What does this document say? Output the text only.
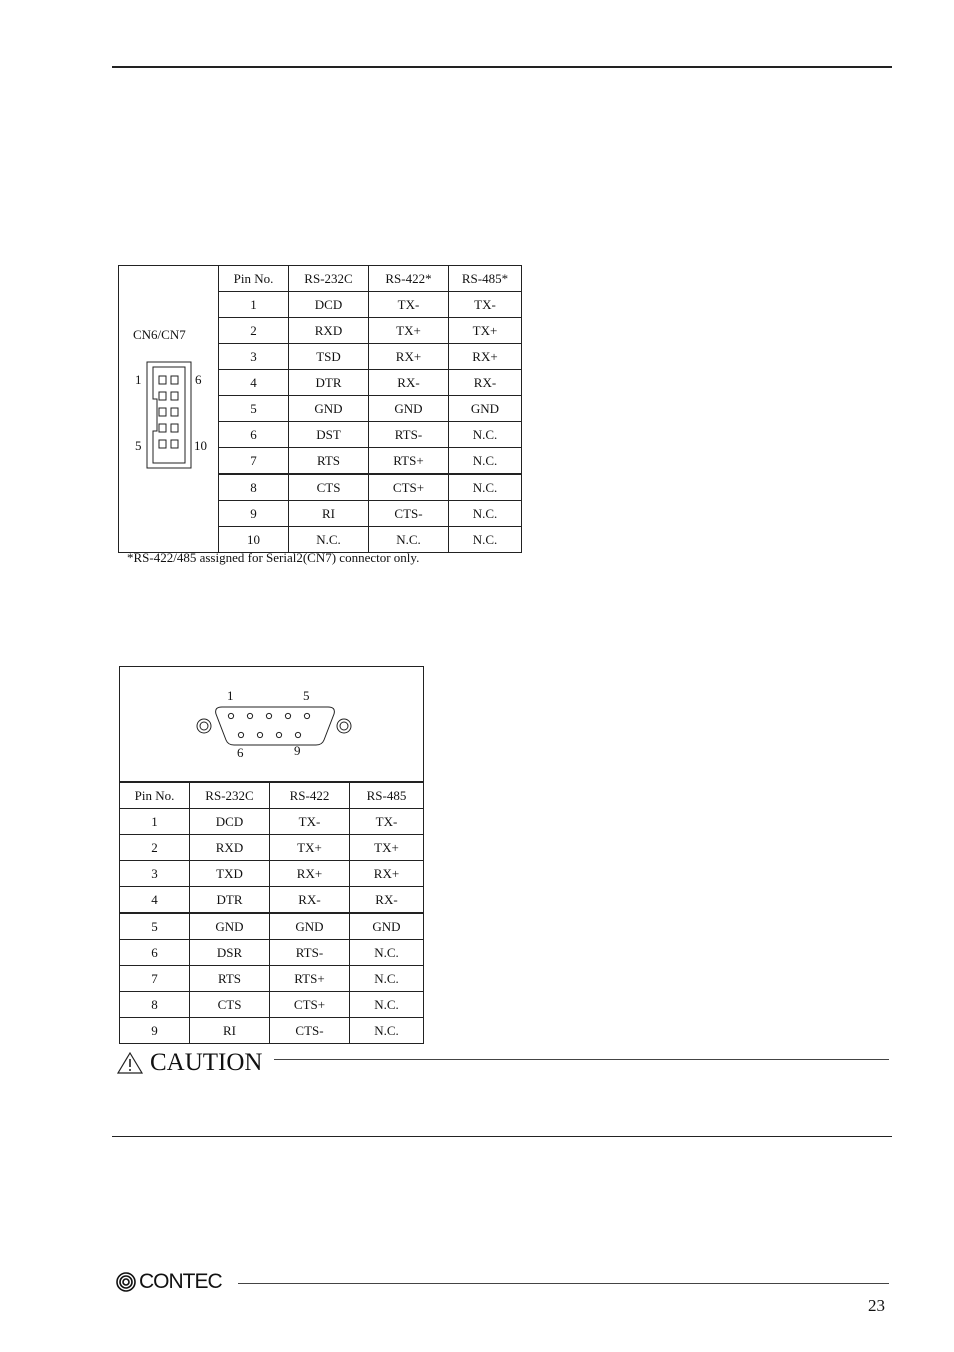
CN6/CN7
1 6
5 10	Pin No.	RS-232C	RS-422*	RS-485*
	1	DCD	TX-	TX-
	2	RXD	TX+	TX+
	3	TSD	RX+	RX+
	4	DTR	RX-	RX-
	5	GND	GND	GND
	6	DST	RTS-	N.C.
	7	RTS	RTS+	N.C.
	8	CTS	CTS+	N.C.
	9	RI	CTS-	N.C.
	10	N.C.	N.C.	N.C.
*RS-422/485 assigned for Serial2(CN7) connector only.
1 5
6 9			

Pin No.	RS-232C	RS-422	RS-485
1	DCD	TX-	TX-
2	RXD	TX+	TX+
3	TXD	RX+	RX+
4	DTR	RX-	RX-
5	GND	GND	GND
6	DSR	RTS-	N.C.
7	RTS	RTS+	N.C.
8	CTS	CTS+	N.C.
9	RI	CTS-	N.C.
CAUTION
CONTEC
23
